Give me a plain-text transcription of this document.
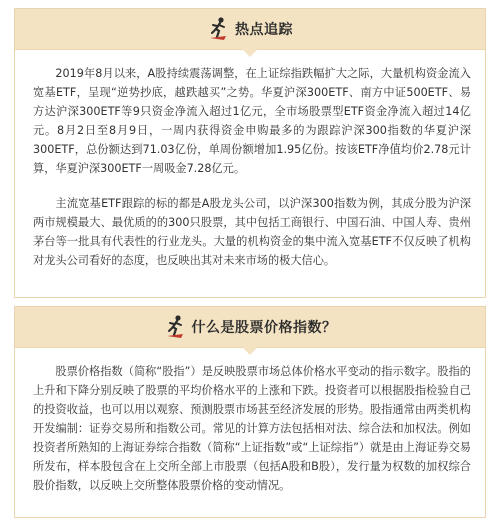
热点追踪

2019年8月以来，A股持续震荡调整，在上证综指跌幅扩大之际，大量机构资金流入宽基ETF，呈现“逆势抄底，越跌越买”之势。华夏沪深300ETF、南方中证500ETF、易方达沪深300ETF等9只资金净流入超过1亿元，全市场股票型ETF资金净流入超过14亿元。8月2日至8月9日，一周内获得资金申购最多的为跟踪沪深300指数的华夏沪深300ETF，总份额达到71.03亿份，单周份额增加1.95亿份。按该ETF净值均价2.78元计算，华夏沪深300ETF一周吸金7.28亿元。

主流宽基ETF跟踪的标的都是A股龙头公司，以沪深300指数为例，其成分股为沪深两市规模最大、最优质的的300只股票，其中包括工商银行、中国石油、中国人寿、贵州茅台等一批具有代表性的行业龙头。大量的机构资金的集中流入宽基ETF不仅反映了机构对龙头公司看好的态度，也反映出其对未来市场的极大信心。

什么是股票价格指数？

股票价格指数（简称“股指”）是反映股票市场总体价格水平变动的指示数字。股指的上升和下降分别反映了股票的平均价格水平的上涨和下跌。投资者可以根据股指检验自己的投资收益，也可以用以观察、预测股票市场甚至经济发展的形势。股指通常由两类机构开发编制：证券交易所和指数公司。常见的计算方法包括相对法、综合法和加权法。例如投资者所熟知的上海证券综合指数（简称“上证指数”或“上证综指”）就是由上海证券交易所发布，样本股包含在上交所全部上市股票（包括A股和B股），发行量为权数的加权综合股价指数，以反映上交所整体股票价格的变动情况。
